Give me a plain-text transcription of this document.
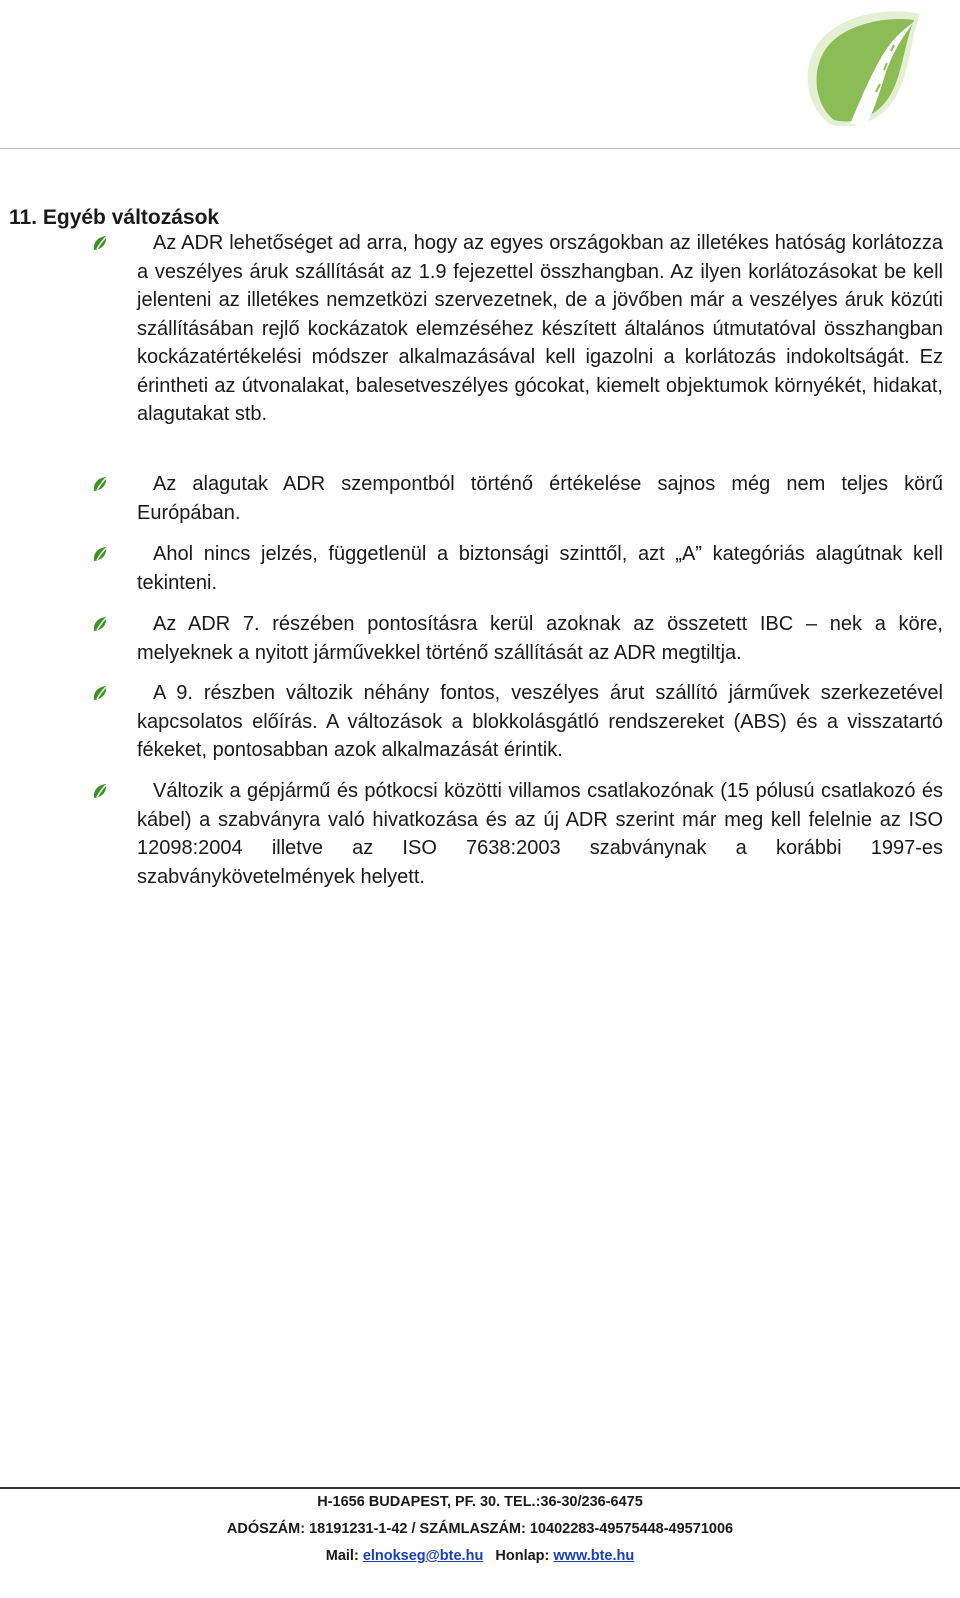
11. Egyéb változások

Az ADR lehetőséget ad arra, hogy az egyes országokban az illetékes hatóság korlátozza a veszélyes áruk szállítását az 1.9 fejezettel összhangban. Az ilyen korlátozásokat be kell jelenteni az illetékes nemzetközi szervezetnek, de a jövőben már a veszélyes áruk közúti szállításában rejlő kockázatok elemzéséhez készített általános útmutatóval összhangban kockázatértékelési módszer alkalmazásával kell igazolni a korlátozás indokoltságát. Ez érintheti az útvonalakat, balesetveszélyes gócokat, kiemelt objektumok környékét, hidakat, alagutakat stb.

Az alagutak ADR szempontból történő értékelése sajnos még nem teljes körű Európában.

Ahol nincs jelzés, függetlenül a biztonsági szinttől, azt „A” kategóriás alagútnak kell tekinteni.

Az ADR 7. részében pontosításra kerül azoknak az összetett IBC – nek a köre, melyeknek a nyitott járművekkel történő szállítását az ADR megtiltja.

A 9. részben változik néhány fontos, veszélyes árut szállító járművek szerkezetével kapcsolatos előírás. A változások a blokkolásgátló rendszereket (ABS) és a visszatartó fékeket, pontosabban azok alkalmazását érintik.

Változik a gépjármű és pótkocsi közötti villamos csatlakozónak (15 pólusú csatlakozó és kábel) a szabványra való hivatkozása és az új ADR szerint már meg kell felelnie az ISO 12098:2004 illetve az ISO 7638:2003 szabványnak a korábbi 1997-es szabványkövetelmények helyett.

H-1656 BUDAPEST, PF. 30. TEL.:36-30/236-6475
ADÓSZÁM: 18191231-1-42 / SZÁMLASZÁM: 10402283-49575448-49571006
Mail: elnokseg@bte.hu Honlap: www.bte.hu
